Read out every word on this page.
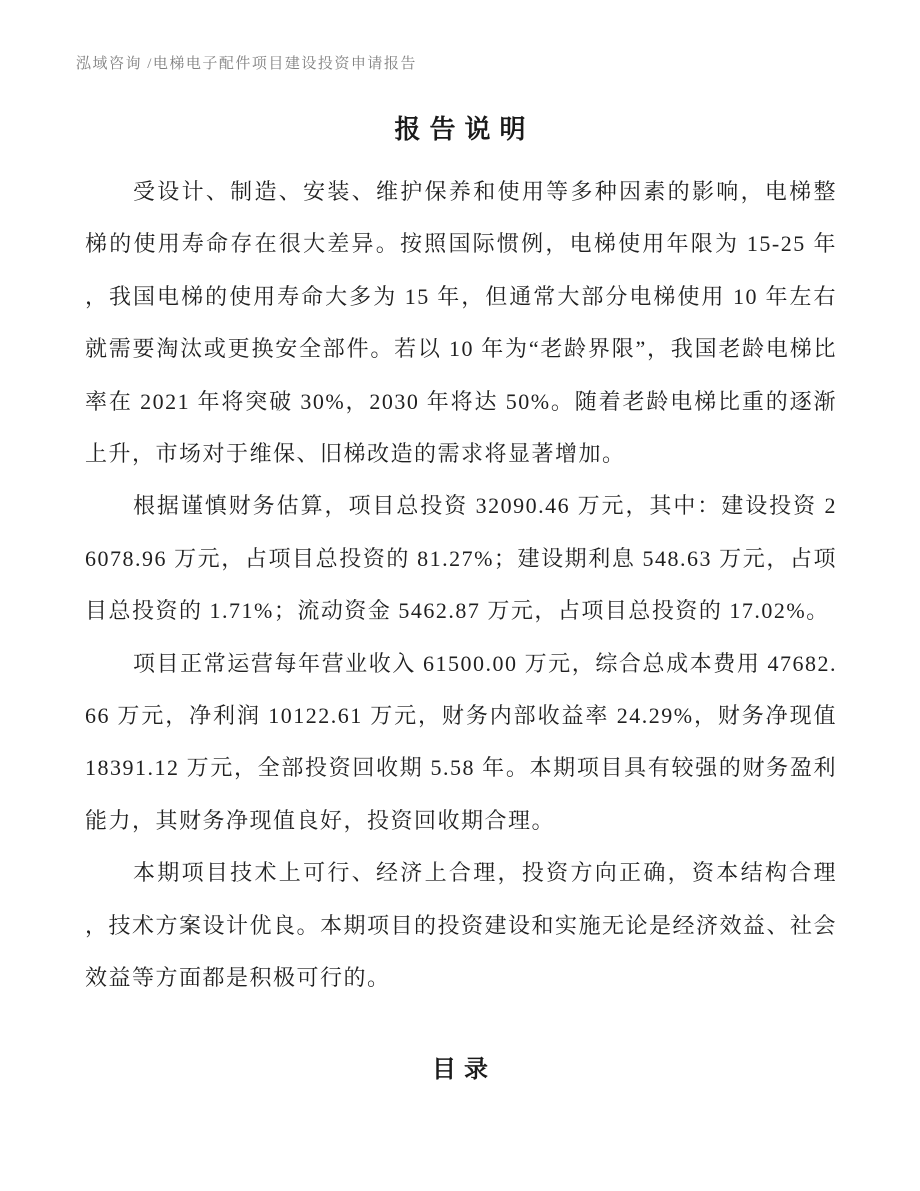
泓域咨询 /电梯电子配件项目建设投资申请报告
报告说明

受设计、制造、安装、维护保养和使用等多种因素的影响，电梯整梯的使用寿命存在很大差异。按照国际惯例，电梯使用年限为 15-25 年，我国电梯的使用寿命大多为 15 年，但通常大部分电梯使用 10 年左右就需要淘汰或更换安全部件。若以 10 年为“老龄界限”，我国老龄电梯比率在 2021 年将突破 30%，2030 年将达 50%。随着老龄电梯比重的逐渐上升，市场对于维保、旧梯改造的需求将显著增加。

根据谨慎财务估算，项目总投资 32090.46 万元，其中：建设投资 26078.96 万元，占项目总投资的 81.27%；建设期利息 548.63 万元，占项目总投资的 1.71%；流动资金 5462.87 万元，占项目总投资的 17.02%。

项目正常运营每年营业收入 61500.00 万元，综合总成本费用 47682.66 万元，净利润 10122.61 万元，财务内部收益率 24.29%，财务净现值 18391.12 万元，全部投资回收期 5.58 年。本期项目具有较强的财务盈利能力，其财务净现值良好，投资回收期合理。

本期项目技术上可行、经济上合理，投资方向正确，资本结构合理，技术方案设计优良。本期项目的投资建设和实施无论是经济效益、社会效益等方面都是积极可行的。

目录
